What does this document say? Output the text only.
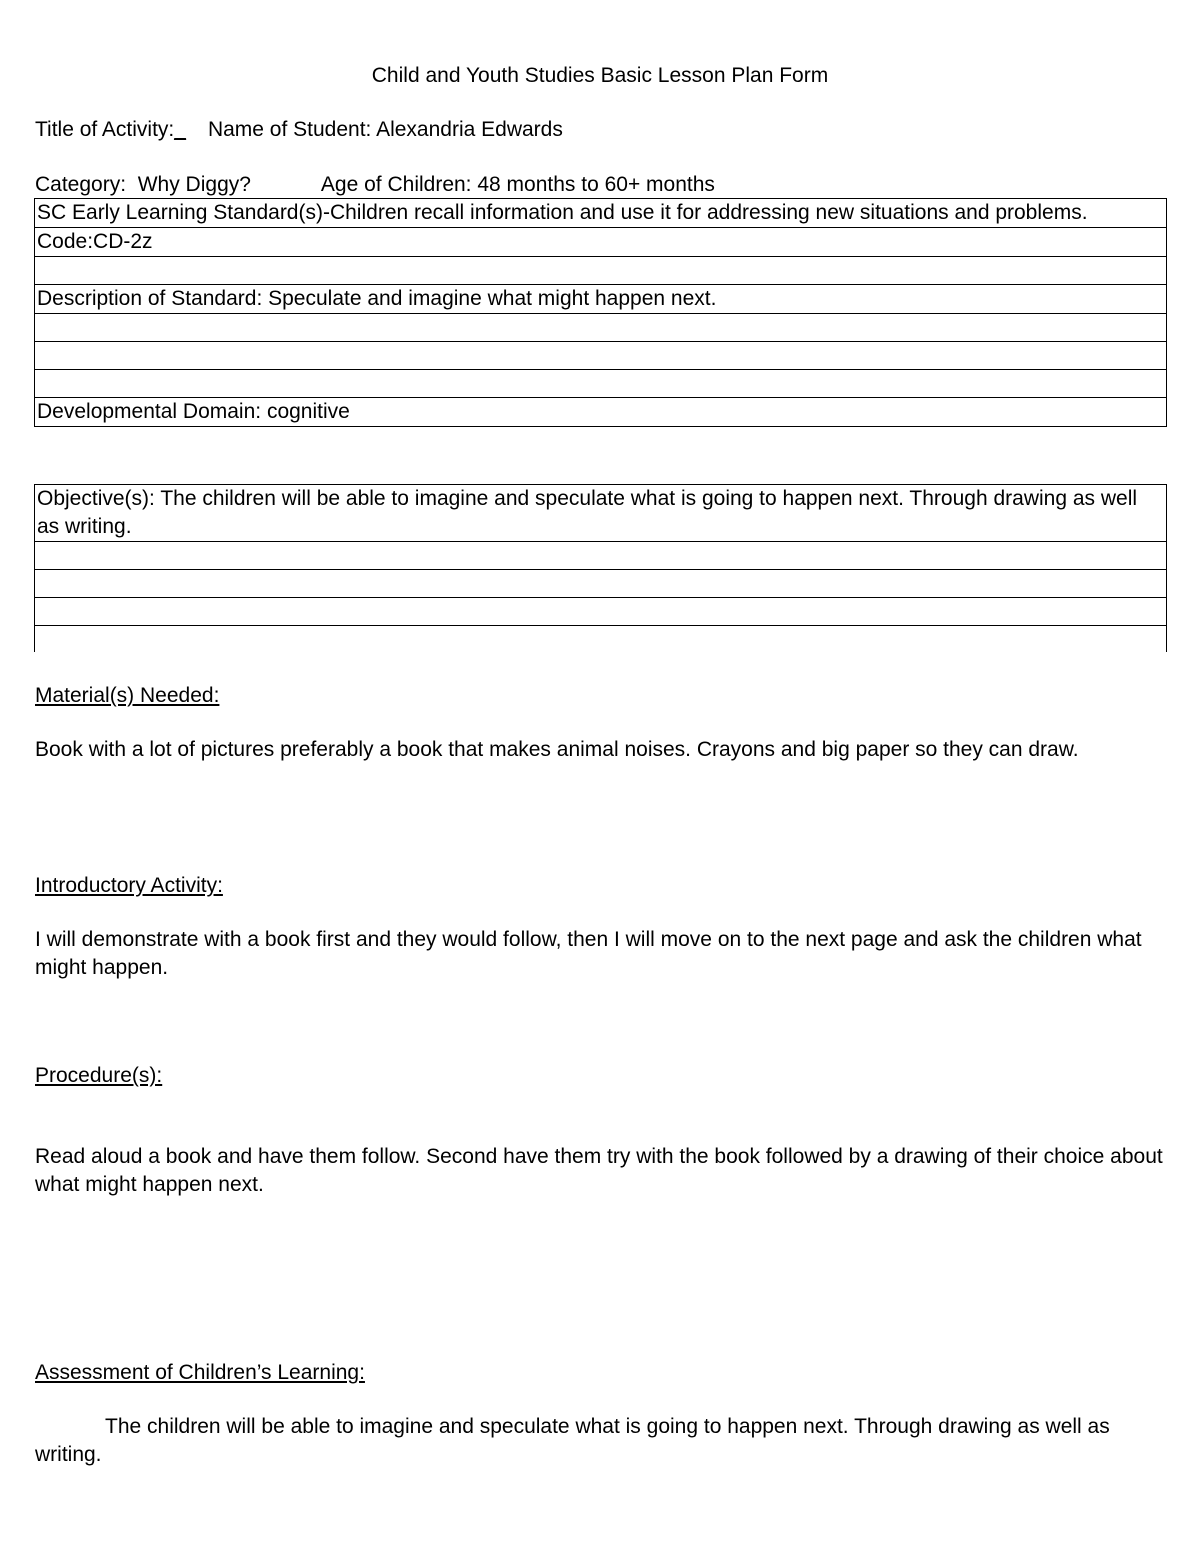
Child and Youth Studies Basic Lesson Plan Form
Title of Activity:_ Name of Student: Alexandria Edwards
Category: Why Diggy?	Age of Children: 48 months to 60+ months
SC Early Learning Standard(s)-Children recall information and use it for addressing new situations and problems.
Code:CD-2z

Description of Standard: Speculate and imagine what might happen next.

Developmental Domain: cognitive
Objective(s): The children will be able to imagine and speculate what is going to happen next. Through drawing as well as writing.

Material(s) Needed:
Book with a lot of pictures preferably a book that makes animal noises. Crayons and big paper so they can draw.
Introductory Activity:
I will demonstrate with a book first and they would follow, then I will move on to the next page and ask the children what might happen.
Procedure(s):
Read aloud a book and have them follow. Second have them try with the book followed by a drawing of their choice about what might happen next.
Assessment of Children’s Learning:
The children will be able to imagine and speculate what is going to happen next. Through drawing as well as writing.
